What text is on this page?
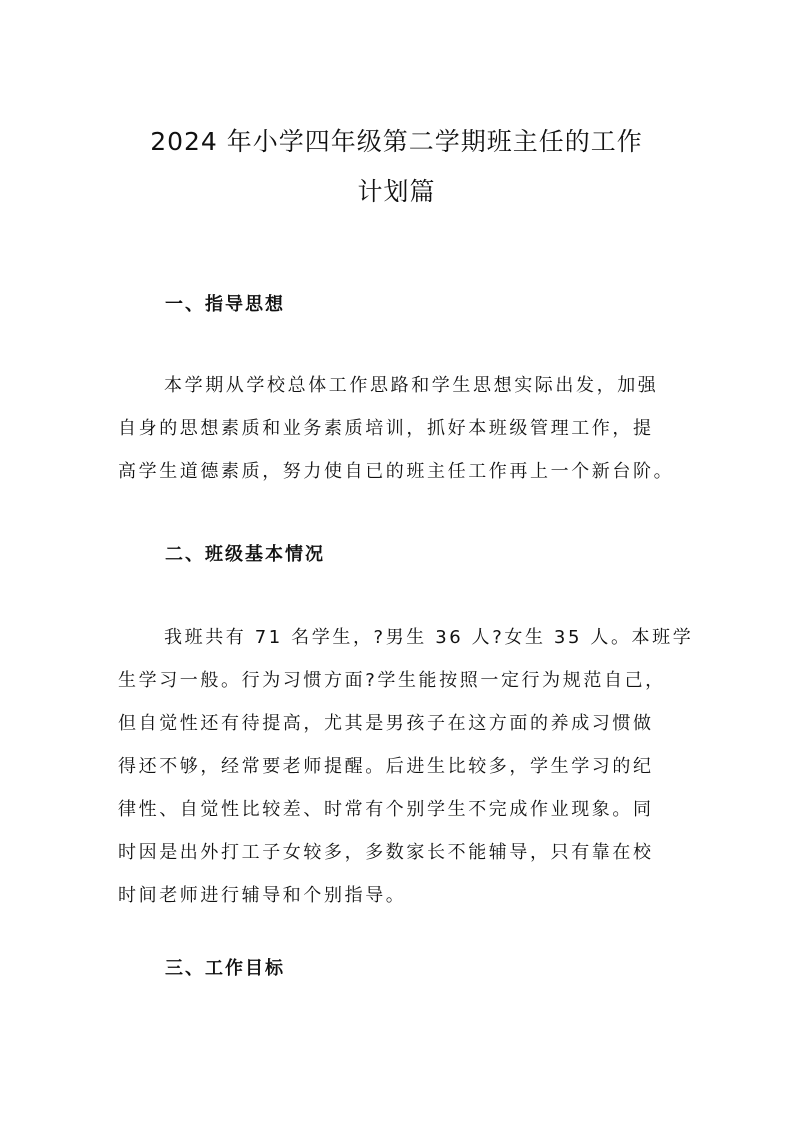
2024 年小学四年级第二学期班主任的工作
计划篇
一、指导思想
本学期从学校总体工作思路和学生思想实际出发，加强
自身的思想素质和业务素质培训，抓好本班级管理工作，提
高学生道德素质，努力使自已的班主任工作再上一个新台阶。
二、班级基本情况
我班共有 71 名学生，?男生 36 人?女生 35 人。本班学
生学习一般。行为习惯方面?学生能按照一定行为规范自己，
但自觉性还有待提高，尤其是男孩子在这方面的养成习惯做
得还不够，经常要老师提醒。后进生比较多，学生学习的纪
律性、自觉性比较差、时常有个别学生不完成作业现象。同
时因是出外打工子女较多，多数家长不能辅导，只有靠在校
时间老师进行辅导和个别指导。
三、工作目标
